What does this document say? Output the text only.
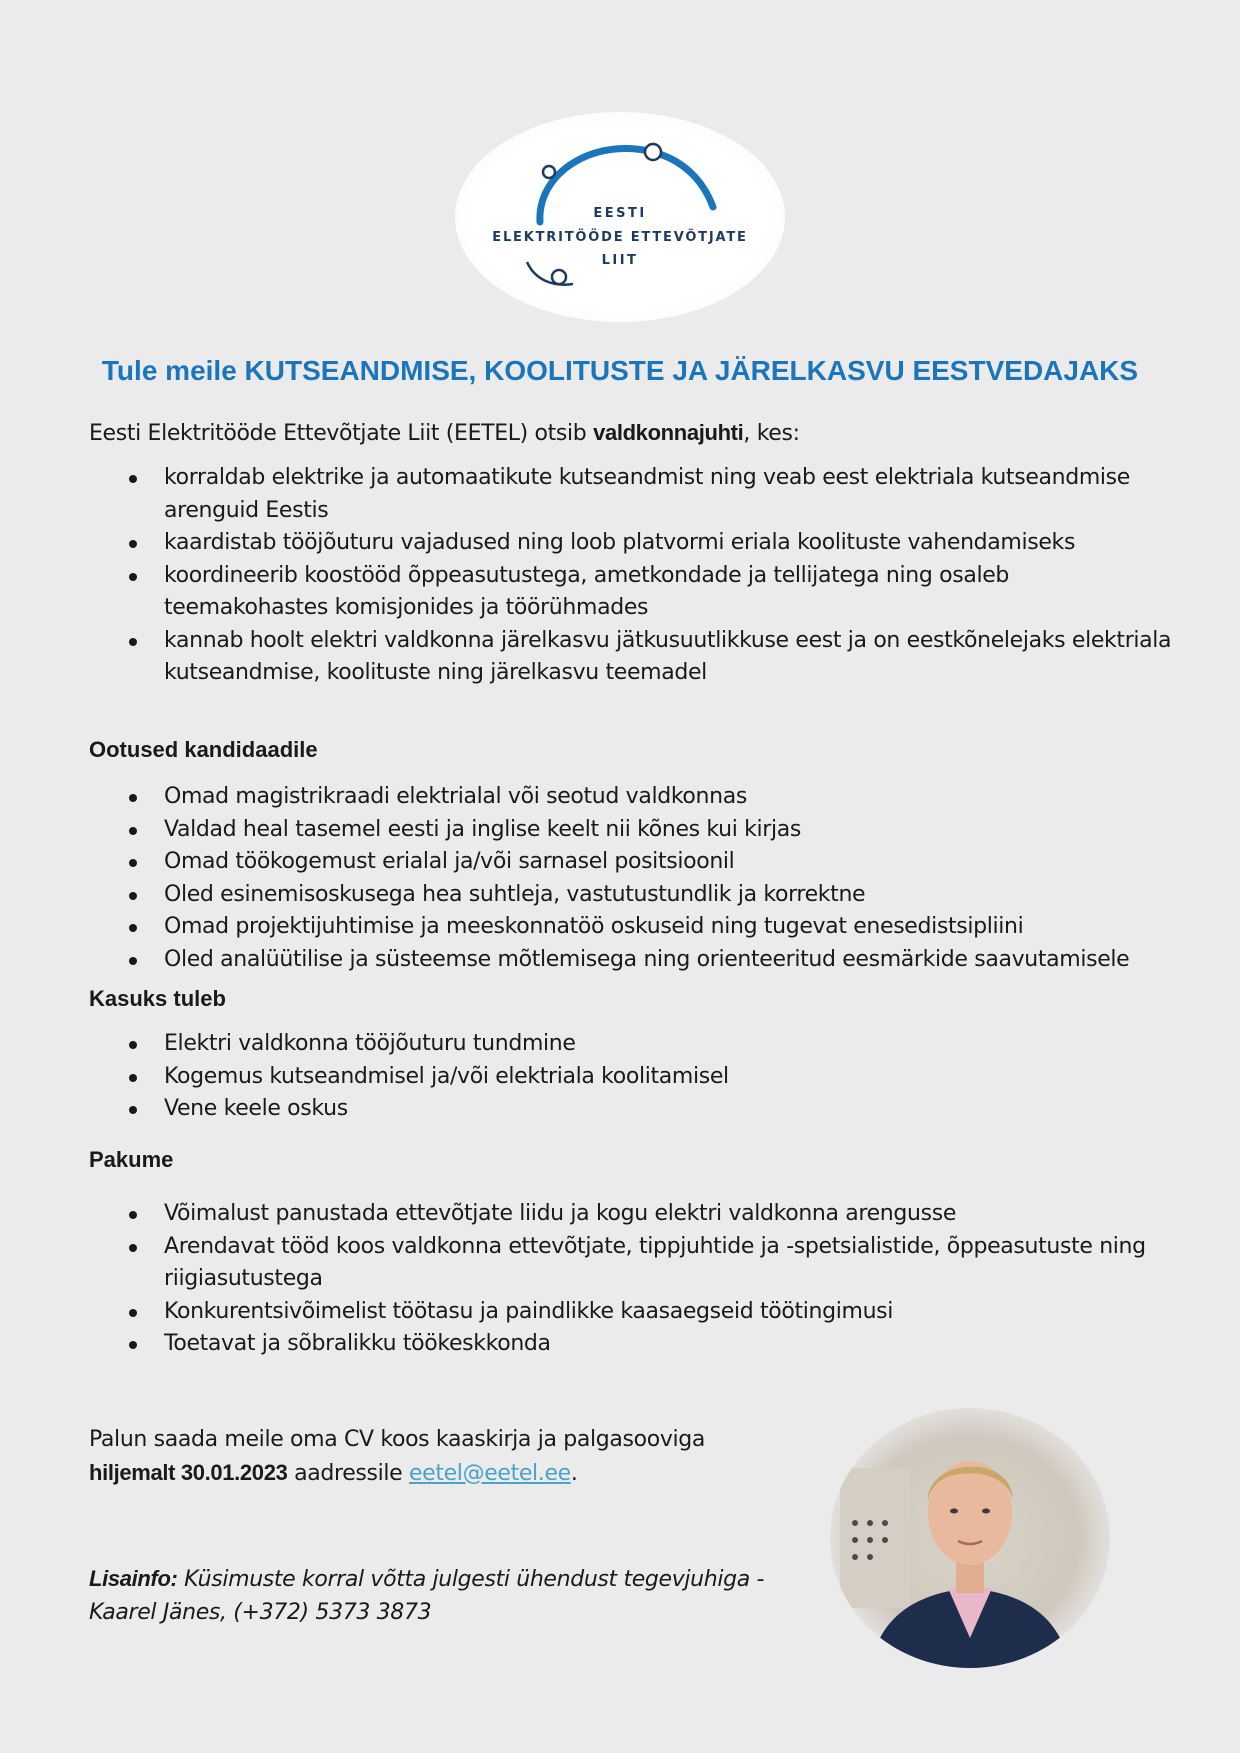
EESTI
ELEKTRITÖÖDE ETTEVÕTJATE
LIIT
Tule meile KUTSEANDMISE, KOOLITUSTE JA JÄRELKASVU EESTVEDAJAKS
Eesti Elektritööde Ettevõtjate Liit (EETEL) otsib valdkonnajuhti, kes:
korraldab elektrike ja automaatikute kutseandmist ning veab eest elektriala kutseandmise arenguid Eestis
kaardistab tööjõuturu vajadused ning loob platvormi eriala koolituste vahendamiseks
koordineerib koostööd õppeasutustega, ametkondade ja tellijatega ning osaleb teemakohastes komisjonides ja töörühmades
kannab hoolt elektri valdkonna järelkasvu jätkusuutlikkuse eest ja on eestkõnelejaks elektriala kutseandmise, koolituste ning järelkasvu teemadel
Ootused kandidaadile
Omad magistrikraadi elektrialal või seotud valdkonnas
Valdad heal tasemel eesti ja inglise keelt nii kõnes kui kirjas
Omad töökogemust erialal ja/või sarnasel positsioonil
Oled esinemisoskusega hea suhtleja, vastutustundlik ja korrektne
Omad projektijuhtimise ja meeskonnatöö oskuseid ning tugevat enesedistsipliini
Oled analüütilise ja süsteemse mõtlemisega ning orienteeritud eesmärkide saavutamisele
Kasuks tuleb
Elektri valdkonna tööjõuturu tundmine
Kogemus kutseandmisel ja/või elektriala koolitamisel
Vene keele oskus
Pakume
Võimalust panustada ettevõtjate liidu ja kogu elektri valdkonna arengusse
Arendavat tööd koos valdkonna ettevõtjate, tippjuhtide ja -spetsialistide, õppeasutuste ning riigiasutustega
Konkurentsivõimelist töötasu ja paindlikke kaasaegseid töötingimusi
Toetavat ja sõbralikku töökeskkonda
Palun saada meile oma CV koos kaaskirja ja palgasooviga
hiljemalt 30.01.2023 aadressile eetel@eetel.ee.
Lisainfo: Küsimuste korral võtta julgesti ühendust tegevjuhiga - Kaarel Jänes, (+372) 5373 3873
